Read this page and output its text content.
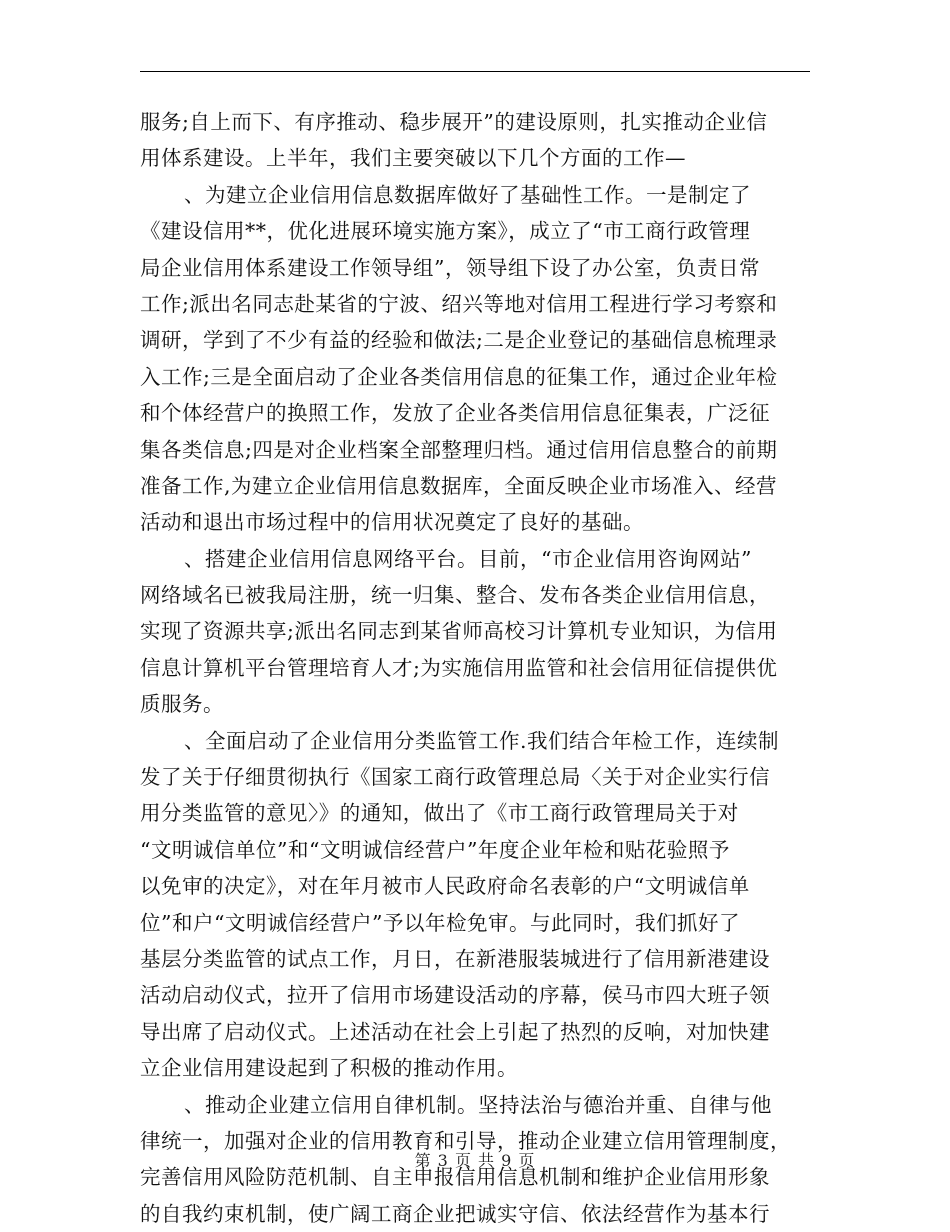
服务;自上而下、有序推动、稳步展开”的建设原则，扎实推动企业信
用体系建设。上半年，我们主要突破以下几个方面的工作—
、为建立企业信用信息数据库做好了基础性工作。一是制定了
《建设信用**，优化进展环境实施方案》，成立了“市工商行政管理
局企业信用体系建设工作领导组”，领导组下设了办公室，负责日常
工作;派出名同志赴某省的宁波、绍兴等地对信用工程进行学习考察和
调研，学到了不少有益的经验和做法;二是企业登记的基础信息梳理录
入工作;三是全面启动了企业各类信用信息的征集工作，通过企业年检
和个体经营户的换照工作，发放了企业各类信用信息征集表，广泛征
集各类信息;四是对企业档案全部整理归档。通过信用信息整合的前期
准备工作,为建立企业信用信息数据库，全面反映企业市场准入、经营
活动和退出市场过程中的信用状况奠定了良好的基础。
、搭建企业信用信息网络平台。目前，“市企业信用咨询网站”
网络域名已被我局注册，统一归集、整合、发布各类企业信用信息，
实现了资源共享;派出名同志到某省师高校习计算机专业知识，为信用
信息计算机平台管理培育人才;为实施信用监管和社会信用征信提供优
质服务。
、全面启动了企业信用分类监管工作.我们结合年检工作，连续制
发了关于仔细贯彻执行《国家工商行政管理总局〈关于对企业实行信
用分类监管的意见〉》的通知，做出了《市工商行政管理局关于对
“文明诚信单位”和“文明诚信经营户”年度企业年检和贴花验照予
以免审的决定》，对在年月被市人民政府命名表彰的户“文明诚信单
位”和户“文明诚信经营户”予以年检免审。与此同时，我们抓好了
基层分类监管的试点工作，月日，在新港服装城进行了信用新港建设
活动启动仪式，拉开了信用市场建设活动的序幕，侯马市四大班子领
导出席了启动仪式。上述活动在社会上引起了热烈的反响，对加快建
立企业信用建设起到了积极的推动作用。
、推动企业建立信用自律机制。坚持法治与德治并重、自律与他
律统一，加强对企业的信用教育和引导，推动企业建立信用管理制度，
完善信用风险防范机制、自主申报信用信息机制和维护企业信用形象
的自我约束机制，使广阔工商企业把诚实守信、依法经营作为基本行
第 3 页 共 9 页
